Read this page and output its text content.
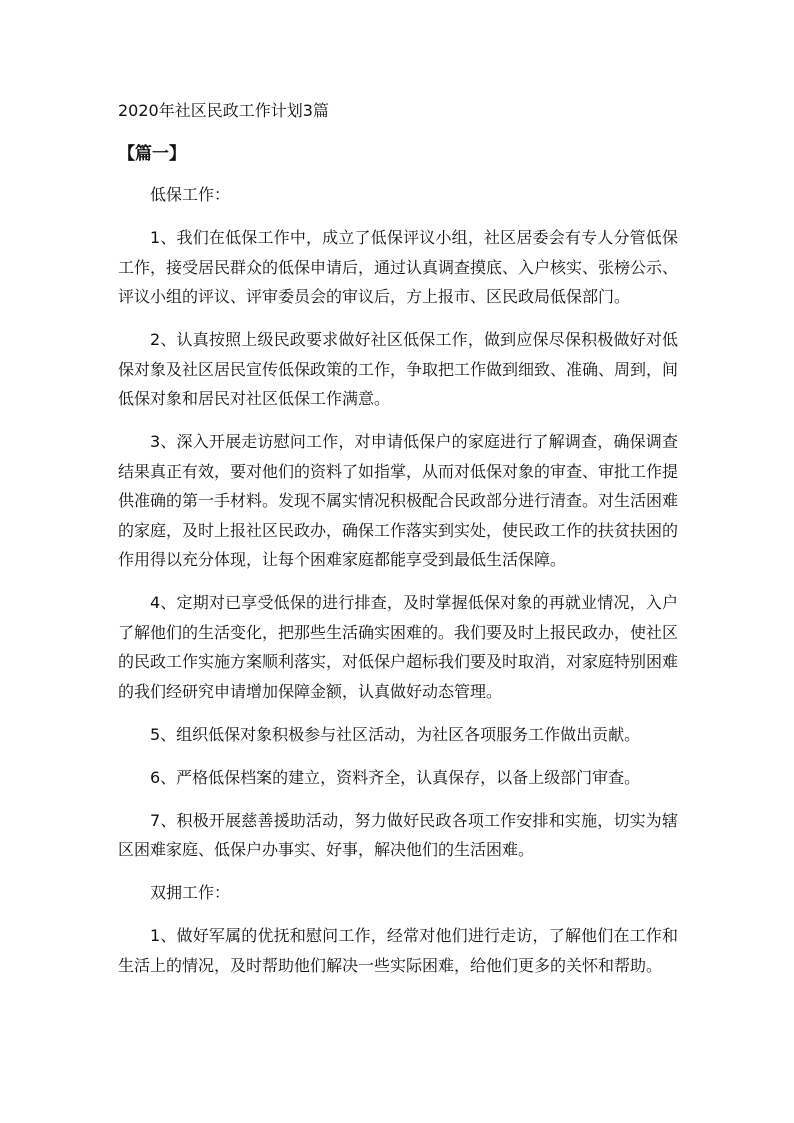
2020年社区民政工作计划3篇
【篇一】

低保工作：

1、我们在低保工作中，成立了低保评议小组，社区居委会有专人分管低保工作，接受居民群众的低保申请后，通过认真调查摸底、入户核实、张榜公示、评议小组的评议、评审委员会的审议后，方上报市、区民政局低保部门。

2、认真按照上级民政要求做好社区低保工作，做到应保尽保积极做好对低保对象及社区居民宣传低保政策的工作，争取把工作做到细致、准确、周到，间低保对象和居民对社区低保工作满意。

3、深入开展走访慰问工作，对申请低保户的家庭进行了解调查，确保调查结果真正有效，要对他们的资料了如指掌，从而对低保对象的审查、审批工作提供准确的第一手材料。发现不属实情况积极配合民政部分进行清查。对生活困难的家庭，及时上报社区民政办，确保工作落实到实处，使民政工作的扶贫扶困的作用得以充分体现，让每个困难家庭都能享受到最低生活保障。

4、定期对已享受低保的进行排查，及时掌握低保对象的再就业情况，入户了解他们的生活变化，把那些生活确实困难的。我们要及时上报民政办，使社区的民政工作实施方案顺利落实，对低保户超标我们要及时取消，对家庭特别困难的我们经研究申请增加保障金额，认真做好动态管理。

5、组织低保对象积极参与社区活动，为社区各项服务工作做出贡献。

6、严格低保档案的建立，资料齐全，认真保存，以备上级部门审查。

7、积极开展慈善援助活动，努力做好民政各项工作安排和实施，切实为辖区困难家庭、低保户办事实、好事，解决他们的生活困难。

双拥工作：

1、做好军属的优抚和慰问工作，经常对他们进行走访，了解他们在工作和生活上的情况，及时帮助他们解决一些实际困难，给他们更多的关怀和帮助。
